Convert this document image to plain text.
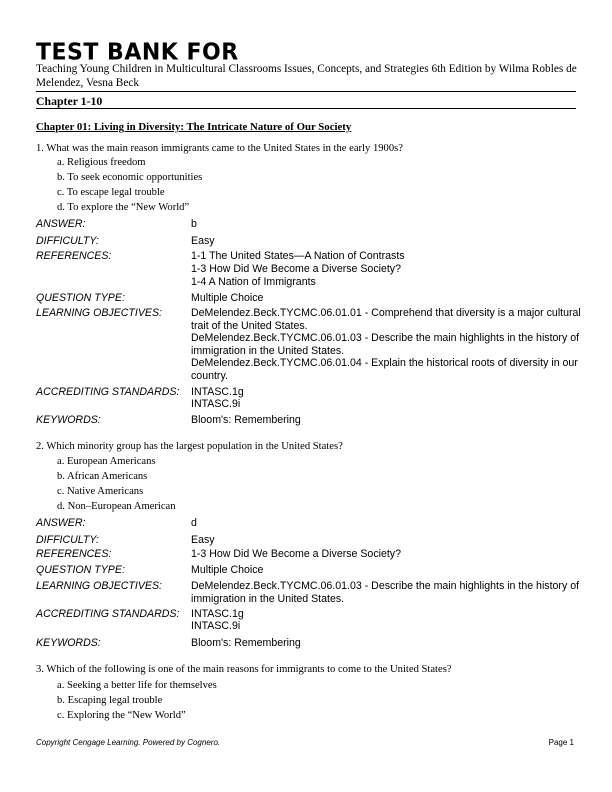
TEST BANK FOR
Teaching Young Children in Multicultural Classrooms Issues, Concepts, and Strategies 6th Edition by Wilma Robles de Melendez, Vesna Beck
Chapter 1-10
Chapter 01: Living in Diversity: The Intricate Nature of Our Society
1. What was the main reason immigrants came to the United States in the early 1900s?
a. Religious freedom
b. To seek economic opportunities
c. To escape legal trouble
d. To explore the “New World”
ANSWER:	b
DIFFICULTY:	Easy
REFERENCES:	1-1 The United States—A Nation of Contrasts
1-3 How Did We Become a Diverse Society?
1-4 A Nation of Immigrants
QUESTION TYPE:	Multiple Choice
LEARNING OBJECTIVES:	DeMelendez.Beck.TYCMC.06.01.01 - Comprehend that diversity is a major cultural trait of the United States.
DeMelendez.Beck.TYCMC.06.01.03 - Describe the main highlights in the history of immigration in the United States.
DeMelendez.Beck.TYCMC.06.01.04 - Explain the historical roots of diversity in our country.
ACCREDITING STANDARDS: INTASC.1g
INTASC.9i
KEYWORDS:	Bloom's: Remembering
2. Which minority group has the largest population in the United States?
a. European Americans
b. African Americans
c. Native Americans
d. Non–European American
ANSWER:	d
DIFFICULTY:	Easy
REFERENCES:	1-3 How Did We Become a Diverse Society?
QUESTION TYPE:	Multiple Choice
LEARNING OBJECTIVES:	DeMelendez.Beck.TYCMC.06.01.03 - Describe the main highlights in the history of immigration in the United States.
ACCREDITING STANDARDS: INTASC.1g
INTASC.9i
KEYWORDS:	Bloom's: Remembering
3. Which of the following is one of the main reasons for immigrants to come to the United States?
a. Seeking a better life for themselves
b. Escaping legal trouble
c. Exploring the “New World”
Copyright Cengage Learning. Powered by Cognero.	Page 1
